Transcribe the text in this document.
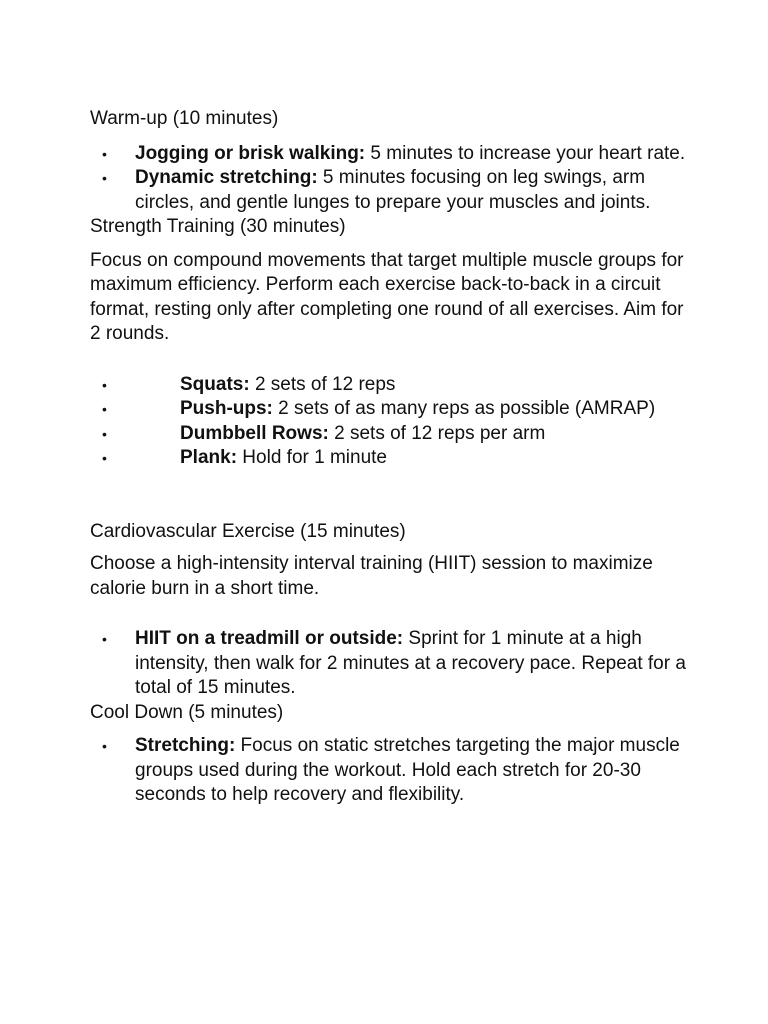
Warm-up (10 minutes)

• Jogging or brisk walking: 5 minutes to increase your heart rate.
• Dynamic stretching: 5 minutes focusing on leg swings, arm circles, and gentle lunges to prepare your muscles and joints.

Strength Training (30 minutes)

Focus on compound movements that target multiple muscle groups for maximum efficiency. Perform each exercise back-to-back in a circuit format, resting only after completing one round of all exercises. Aim for 2 rounds.

•	Squats: 2 sets of 12 reps
•	Push-ups: 2 sets of as many reps as possible (AMRAP)
•	Dumbbell Rows: 2 sets of 12 reps per arm
•	Plank: Hold for 1 minute

Cardiovascular Exercise (15 minutes)

Choose a high-intensity interval training (HIIT) session to maximize calorie burn in a short time.

• HIIT on a treadmill or outside: Sprint for 1 minute at a high intensity, then walk for 2 minutes at a recovery pace. Repeat for a total of 15 minutes.

Cool Down (5 minutes)

• Stretching: Focus on static stretches targeting the major muscle groups used during the workout. Hold each stretch for 20-30 seconds to help recovery and flexibility.
